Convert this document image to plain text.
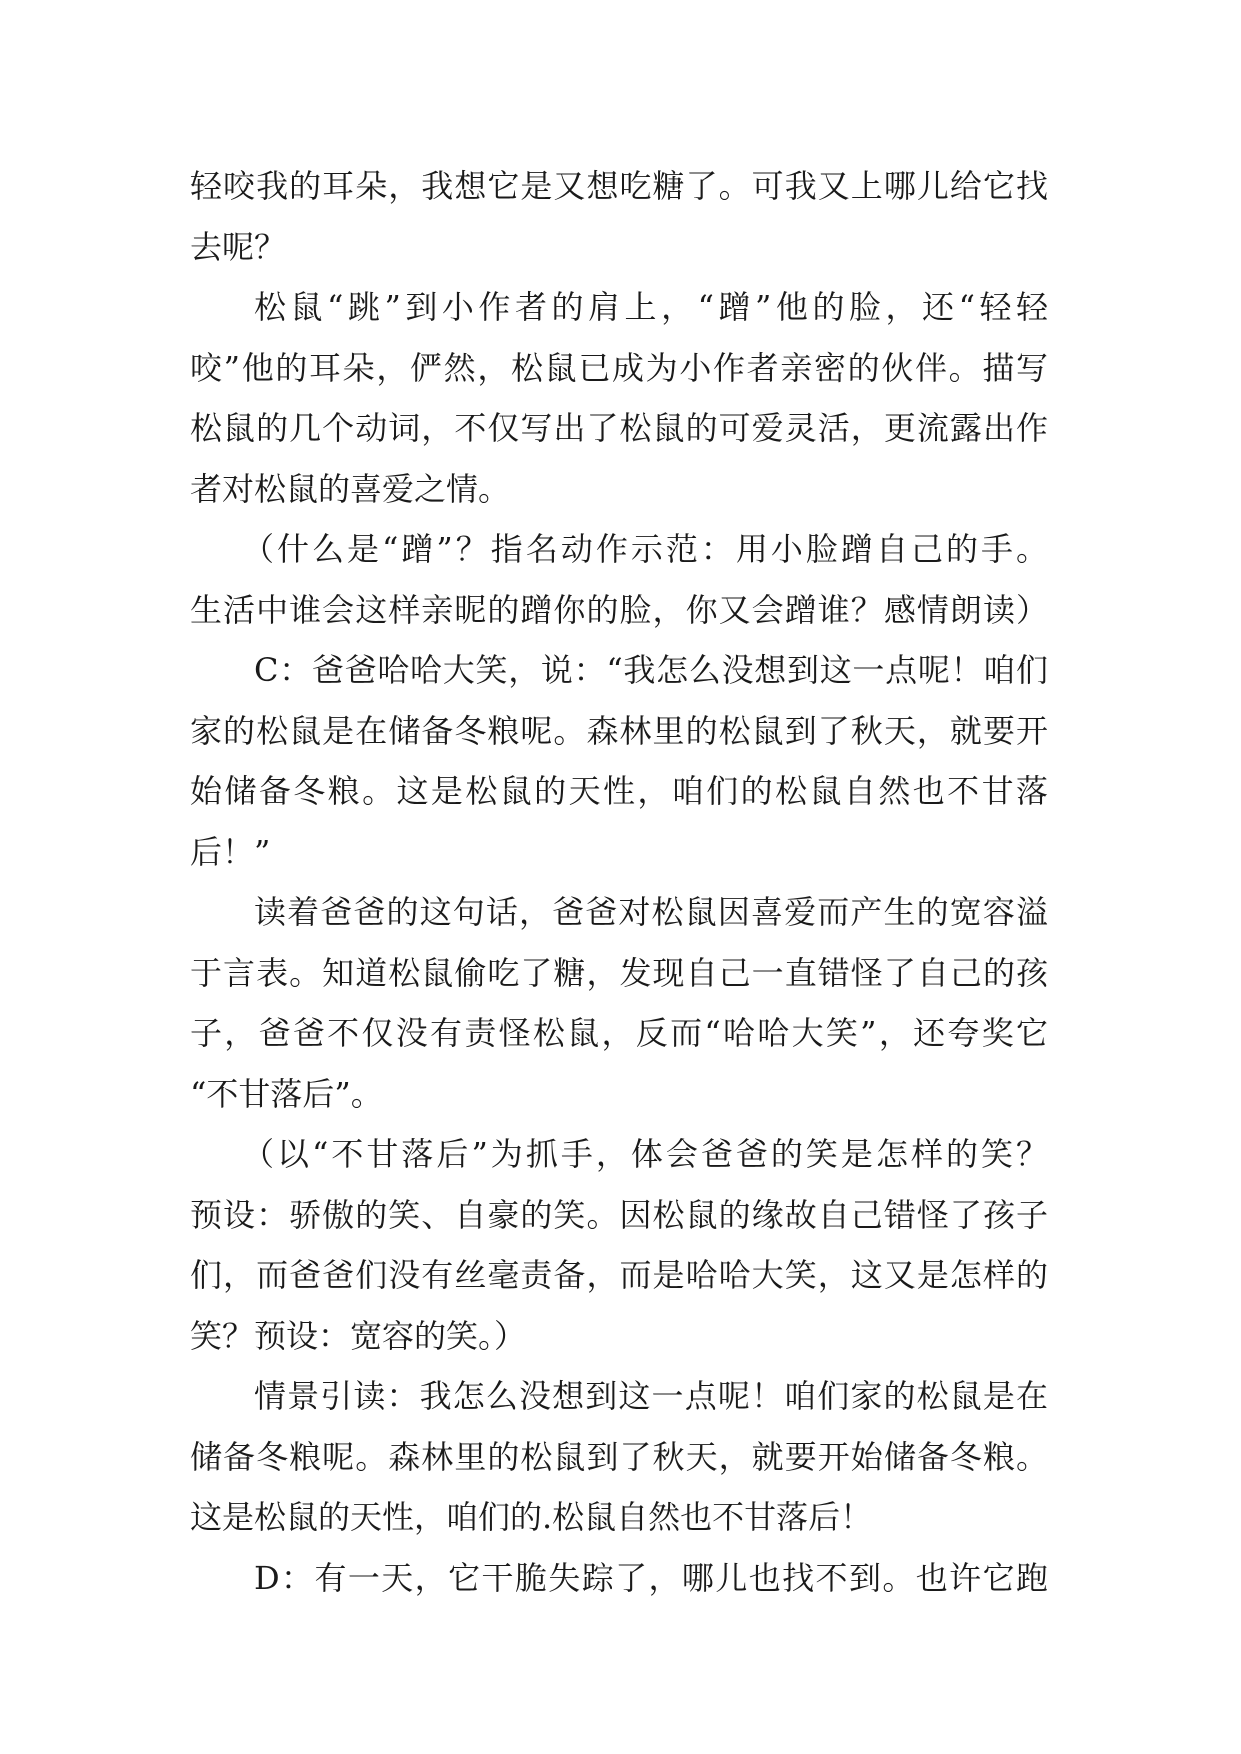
轻咬我的耳朵，我想它是又想吃糖了。可我又上哪儿给它找
去呢？
松鼠“跳”到小作者的肩上，“蹭”他的脸，还“轻轻
咬”他的耳朵，俨然，松鼠已成为小作者亲密的伙伴。描写
松鼠的几个动词，不仅写出了松鼠的可爱灵活，更流露出作
者对松鼠的喜爱之情。
（什么是“蹭”？指名动作示范：用小脸蹭自己的手。
生活中谁会这样亲昵的蹭你的脸，你又会蹭谁？感情朗读）
C：爸爸哈哈大笑，说：“我怎么没想到这一点呢！咱们
家的松鼠是在储备冬粮呢。森林里的松鼠到了秋天，就要开
始储备冬粮。这是松鼠的天性，咱们的松鼠自然也不甘落
后！”
读着爸爸的这句话，爸爸对松鼠因喜爱而产生的宽容溢
于言表。知道松鼠偷吃了糖，发现自己一直错怪了自己的孩
子，爸爸不仅没有责怪松鼠，反而“哈哈大笑”，还夸奖它
“不甘落后”。
（以“不甘落后”为抓手，体会爸爸的笑是怎样的笑？
预设：骄傲的笑、自豪的笑。因松鼠的缘故自己错怪了孩子
们，而爸爸们没有丝毫责备，而是哈哈大笑，这又是怎样的
笑？预设：宽容的笑。）
情景引读：我怎么没想到这一点呢！咱们家的松鼠是在
储备冬粮呢。森林里的松鼠到了秋天，就要开始储备冬粮。
这是松鼠的天性，咱们的.松鼠自然也不甘落后！
D：有一天，它干脆失踪了，哪儿也找不到。也许它跑
